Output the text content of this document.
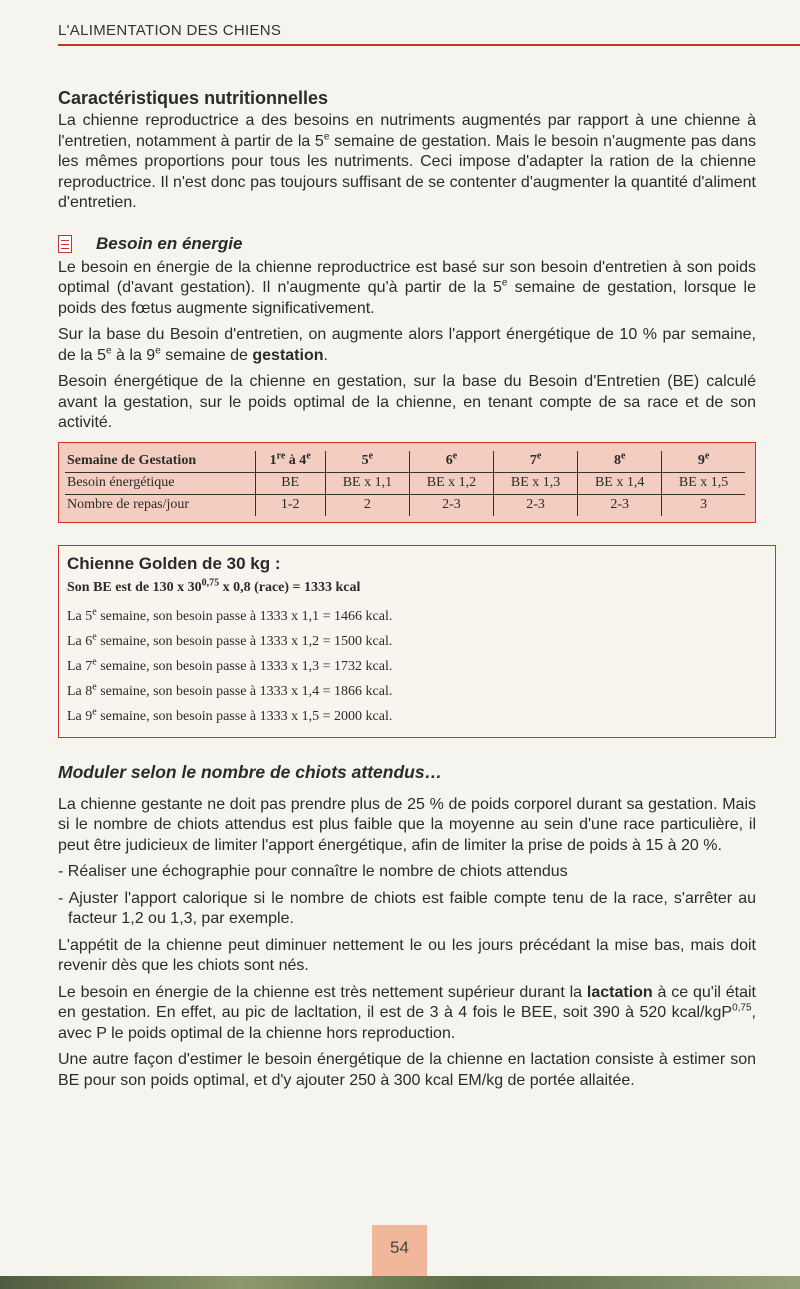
L'ALIMENTATION DES CHIENS
Caractéristiques nutritionnelles

La chienne reproductrice a des besoins en nutriments augmentés par rapport à une chienne à l'entretien, notamment à partir de la 5e semaine de gestation. Mais le besoin n'augmente pas dans les mêmes proportions pour tous les nutriments. Ceci impose d'adapter la ration de la chienne reproductrice. Il n'est donc pas toujours suffisant de se contenter d'augmenter la quantité d'aliment d'entretien.

Besoin en énergie

Le besoin en énergie de la chienne reproductrice est basé sur son besoin d'entretien à son poids optimal (d'avant gestation). Il n'augmente qu'à partir de la 5e semaine de gestation, lorsque le poids des fœtus augmente significativement.

Sur la base du Besoin d'entretien, on augmente alors l'apport énergétique de 10 % par semaine, de la 5e à la 9e semaine de gestation.

Besoin énergétique de la chienne en gestation, sur la base du Besoin d'Entretien (BE) calculé avant la gestation, sur le poids optimal de la chienne, en tenant compte de sa race et de son activité.

Semaine de Gestation	1re à 4e	5e	6e	7e	8e	9e
Besoin énergétique	BE	BE x 1,1	BE x 1,2	BE x 1,3	BE x 1,4	BE x 1,5
Nombre de repas/jour	1-2	2	2-3	2-3	2-3	3
Chienne Golden de 30 kg :
Son BE est de 130 x 30$^{0,75}$ x 0,8 (race) = 1333 kcal
La 5e semaine, son besoin passe à 1333 x 1,1 = 1466 kcal.
La 6e semaine, son besoin passe à 1333 x 1,2 = 1500 kcal.
La 7e semaine, son besoin passe à 1333 x 1,3 = 1732 kcal.
La 8e semaine, son besoin passe à 1333 x 1,4 = 1866 kcal.
La 9e semaine, son besoin passe à 1333 x 1,5 = 2000 kcal.
Moduler selon le nombre de chiots attendus…

La chienne gestante ne doit pas prendre plus de 25 % de poids corporel durant sa gestation. Mais si le nombre de chiots attendus est plus faible que la moyenne au sein d'une race particulière, il peut être judicieux de limiter l'apport énergétique, afin de limiter la prise de poids à 15 à 20 %.

- Réaliser une échographie pour connaître le nombre de chiots attendus

- Ajuster l'apport calorique si le nombre de chiots est faible compte tenu de la race, s'arrêter au facteur 1,2 ou 1,3, par exemple.

L'appétit de la chienne peut diminuer nettement le ou les jours précédant la mise bas, mais doit revenir dès que les chiots sont nés.

Le besoin en énergie de la chienne est très nettement supérieur durant la lactation à ce qu'il était en gestation. En effet, au pic de lacltation, il est de 3 à 4 fois le BEE, soit 390 à 520 kcal/kgP$^{0,75}$, avec P le poids optimal de la chienne hors reproduction.

Une autre façon d'estimer le besoin énergétique de la chienne en lactation consiste à estimer son BE pour son poids optimal, et d'y ajouter 250 à 300 kcal EM/kg de portée allaitée.

54
